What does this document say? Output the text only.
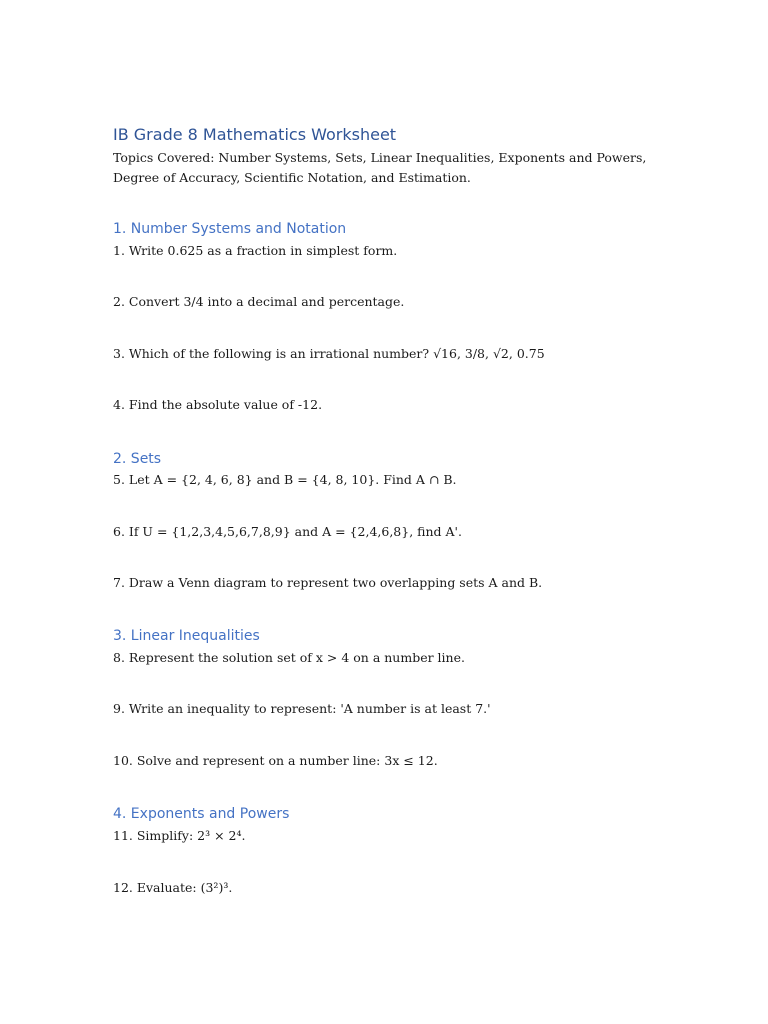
IB Grade 8 Mathematics Worksheet

Topics Covered: Number Systems, Sets, Linear Inequalities, Exponents and Powers, Degree of Accuracy, Scientific Notation, and Estimation.

1. Number Systems and Notation

1. Write 0.625 as a fraction in simplest form.

2. Convert 3/4 into a decimal and percentage.

3. Which of the following is an irrational number? √16, 3/8, √2, 0.75

4. Find the absolute value of -12.

2. Sets

5. Let A = {2, 4, 6, 8} and B = {4, 8, 10}. Find A ∩ B.

6. If U = {1,2,3,4,5,6,7,8,9} and A = {2,4,6,8}, find A'.

7. Draw a Venn diagram to represent two overlapping sets A and B.

3. Linear Inequalities

8. Represent the solution set of x > 4 on a number line.

9. Write an inequality to represent: 'A number is at least 7.'

10. Solve and represent on a number line: 3x ≤ 12.

4. Exponents and Powers

11. Simplify: 2³ × 2⁴.

12. Evaluate: (3²)³.
